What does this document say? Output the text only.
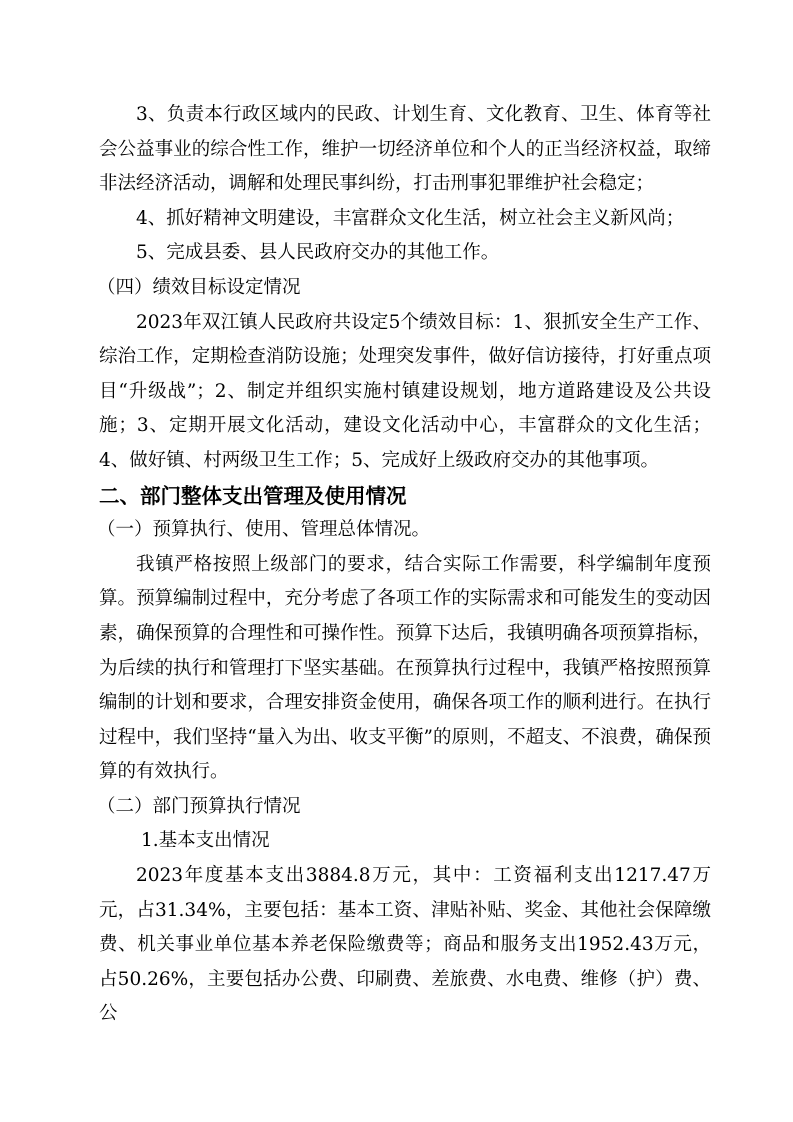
3、负责本行政区域内的民政、计划生育、文化教育、卫生、体育等社会公益事业的综合性工作，维护一切经济单位和个人的正当经济权益，取缔非法经济活动，调解和处理民事纠纷，打击刑事犯罪维护社会稳定；

4、抓好精神文明建设，丰富群众文化生活，树立社会主义新风尚；

5、完成县委、县人民政府交办的其他工作。

（四）绩效目标设定情况

2023年双江镇人民政府共设定5个绩效目标：1、狠抓安全生产工作、综治工作，定期检查消防设施；处理突发事件，做好信访接待，打好重点项目“升级战”；2、制定并组织实施村镇建设规划，地方道路建设及公共设施；3、定期开展文化活动，建设文化活动中心，丰富群众的文化生活；4、做好镇、村两级卫生工作；5、完成好上级政府交办的其他事项。

二、部门整体支出管理及使用情况

（一）预算执行、使用、管理总体情况。

我镇严格按照上级部门的要求，结合实际工作需要，科学编制年度预算。预算编制过程中，充分考虑了各项工作的实际需求和可能发生的变动因素，确保预算的合理性和可操作性。预算下达后，我镇明确各项预算指标，为后续的执行和管理打下坚实基础。在预算执行过程中，我镇严格按照预算编制的计划和要求，合理安排资金使用，确保各项工作的顺利进行。在执行过程中，我们坚持“量入为出、收支平衡”的原则，不超支、不浪费，确保预算的有效执行。

（二）部门预算执行情况

1.基本支出情况

2023年度基本支出3884.8万元，其中：工资福利支出1217.47万元，占31.34%，主要包括：基本工资、津贴补贴、奖金、其他社会保障缴费、机关事业单位基本养老保险缴费等；商品和服务支出1952.43万元，占50.26%，主要包括办公费、印刷费、差旅费、水电费、维修（护）费、公
